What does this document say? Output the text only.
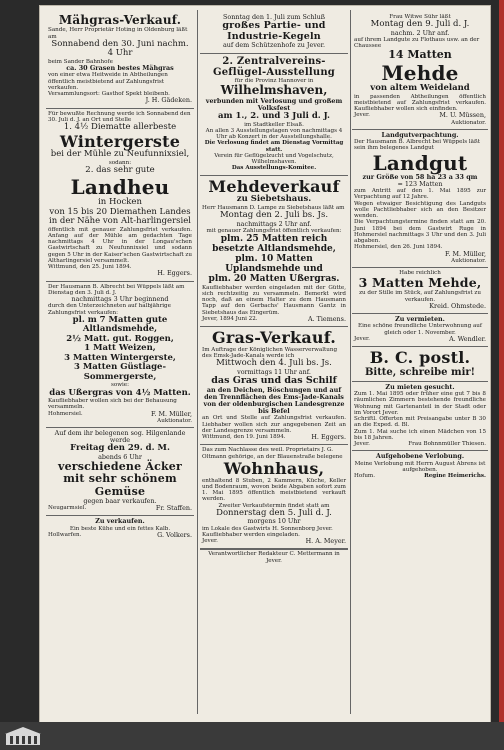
Mähgras-Verkauf.

Sande, Herr Proprietär Hoting in Oldenburg läßt am

Sonnabend den 30. Juni nachm. 4 Uhr

beim Sander Bahnhofe

ca. 30 Grasen bestes Mähgras

von einer etwa Heitweide in Abtheilungen öffentlich meistbietend auf Zahlungsfrist verkaufen.

Versammlungsort: Gasthof Spekt bleibenb.

J. H. Gädeken.

Für bewußte Rechnung werde ich Sonnabend den 30. Juli d. J. an Ort und Stelle

1. 4½ Diematte allerbeste

Wintergerste

bei der Mühle zu Neufunnixsiel,

sodann:

2. das sehr gute

Landheu

in Hocken

von 15 bis 20 Diemathen Landes in der Nähe von Alt-harlingersiel

öffentlich mit genauer Zahlungsfrist verkaufen. Anfang auf der Mühle am gedachten Tage nachmittags 4 Uhr in der Longau'schen Gastwirtschaft zu Neufunnixsiel und sodann gegen 5 Uhr in der Kaiser'schen Gastwirtschaft zu Altharlingersiel versammelt.

Wittmund, den 25. Juni 1894.

H. Eggers.

Der Hausmann B. Albrecht bei Wüppels läßt am Dienstag den 3. Juli d. J.

nachmittags 3 Uhr beginnend

durch den Unterzeichneten auf halbjährige Zahlungsfrist verkaufen:

pl. m 7 Matten gute Altlandsmehde,

2½ Matt. gut. Roggen,

1 Matt Weizen,

3 Matten Wintergerste,

3 Matten Güstlage-Sommergerste,

sowie:

das Ußergras von 4½ Matten.

Kaufliebhaber wollen sich bei der Behausung versammeln.

Hohmersiel.	F. M. Müller,

Auktionator.

Auf dem ihr belegenen sog. Hilgenlande werde

Freitag den 29. d. M.

abends 6 Uhr

verschiedene Äcker mit sehr schönem Gemüse

gegen baar verkaufen.

Neugarmsiel.	Fr. Staffen.

Zu verkaufen.

Ein beste Kühe und ein fettes Kalb.

Hollwarfen.	G. Volkers.

Sonntag den 1. Juli zum Schluß

großes Partie- und Industrie-Kegeln

auf dem Schützenhofe zu Jever.

2. Zentralvereins-Geflügel-Ausstellung

für die Provinz Hannover in

Wilhelmshaven,

verbunden mit Verlosung und großem Volksfest

am 1., 2. und 3 Juli d. J.

im Stadtkeller Elsaß.

An allen 3 Ausstellungstagen von nachmittags 4 Uhr ab Konzert in der Ausstellungshalle.

Die Verlosung findet am Dienstag Vormittag statt.

Verein für Geflügelzucht und Vogelschutz, Wilhelmshaven.

Das Ausstellungs-Komitee.

Mehdeverkauf

zu Siebetshaus.

Herr Hausmann D. Lampe zu Siebetshaus läßt am

Montag den 2. Juli bs. Js.

nachmittags 2 Uhr anf.

mit genauer Zahlungsfrist öffentlich verkaufen:

plm. 25 Matten reich besetzte Altlandsmehde,

plm. 10 Matten Uplandsmehde und

plm. 20 Matten Ußergras.

Kaufliebhaber werden eingeladen mit der Gütte, sich rechtzeitig zu versammeln. Bemerkt wird noch, daß an einem Halter zu dem Hausmann Tapp auf den Gerbachs' Hausmann Gantz in Siebetshaus das Eingerüm.

Jever, 1894 Juni 22.	A. Tiemens.

Gras-Verkauf.

Im Auftrage der Königlichen Wasserverwaltung des Emsk-Jade-Kanals werde ich

Mittwoch den 4. Juli bs. Js.

vormittags 11 Uhr anf.

das Gras und das Schilf

an den Deichen, Böschungen und auf den Trennflächen des Ems-Jade-Kanals von der oldenburgischen Landesgrenze bis Befel

an Ort und Stelle auf Zahlungsfrist verkaufen. Liebhaber wollen sich zur angegebenen Zeit an der Landesgrenze versammeln.

Wittmund, den 19. Juni 1894.	H. Eggers.

Das zum Nachlasse des weil. Proprietairs J. G. Oltmann gehörige, an der Blauenstraße belegene

Wohnhaus,

enthaltend 8 Stuben, 2 Kammern, Küche, Keller und Bodenraum, wovon beide Abgaben sofort zum 1. Mai 1895 öffentlich meistbietend verkauft werden.

Zweiter Verkaufstermin findet statt am

Donnerstag den 5. Juli d. J.

morgens 10 Uhr

im Lokale des Gastwirts H. Sonnenborg Jever. Kaufliebhaber werden eingeladen.

Jever.	H. A. Meyer.

Verantwortlicher Redakteur C. Mettermann in Jever.

Frau Witwe Sühr läßt

Montag den 9. Juli d. J.

nachm. 2 Uhr anf.

auf ihrem Landgute zu Flothaus usw. an der Chaussee

14 Matten

Mehde

von altem Weideland

in passenden Abtheilungen öffentlich meistbietend auf Zahlungsfrist verkaufen. Kaufliebhaber wollen sich einfinden.

Jever.	M. U. Müssen,

Auktionator.

Landgutverpachtung.

Der Hausmann B. Albrecht bei Wüppels läßt sein ihm belegenes Landgut

Landgut

zur Größe von 58 ha 23 a 33 qm

= 123 Matten

zum Antritt auf den 1. Mai 1895 zur Verpachtung auf 12 Jahre.

Wegen etwaiger Besichtigung des Landguts wolle Pachtliebhaber sich an den Besitzer wenden.

Die Verpachtungstermine finden statt am 20. Juni 1894 bei dem Gastwirt Ruge in Hohmersiel nachmittags 3 Uhr und den 3. Juli abgaben.

Hohmersiel, den 26. Juni 1894.

F. M. Müller,

Auktionator.

Habe reichlich

3 Matten Mehde,

zu der Stille im Stück, auf Zahlungsfrist zu verkaufen.

Kreid. Ohmstede.

Zu vermieten.

Eine schöne freundliche Unterwohnung auf gleich oder 1. November.

Jever.	A. Wendler.

B. C. postl.

Bitte, schreibe mir!

Zu mieten gesucht.

Zum 1. Mai 1895 oder früher eine gut 7 bis 8 räumlichen Zimmern bestehende freundliche Wohnung mit Gartenanteil in der Stadt oder im Vorort Jever.

Schriftl. Offerten mit Preisangabe unter B 30 an die Exped. d. Bl.

Zum 1. Mai suche ich einen Mädchen von 15 bis 18 Jahren.

Jever.	Frau Bohnnmüller Thiesen.

Aufgehobene Verlobung.

Meine Verlobung mit Herrn August Abrens ist aufgehoben.

Hofum.	Regine Heimerichs.
